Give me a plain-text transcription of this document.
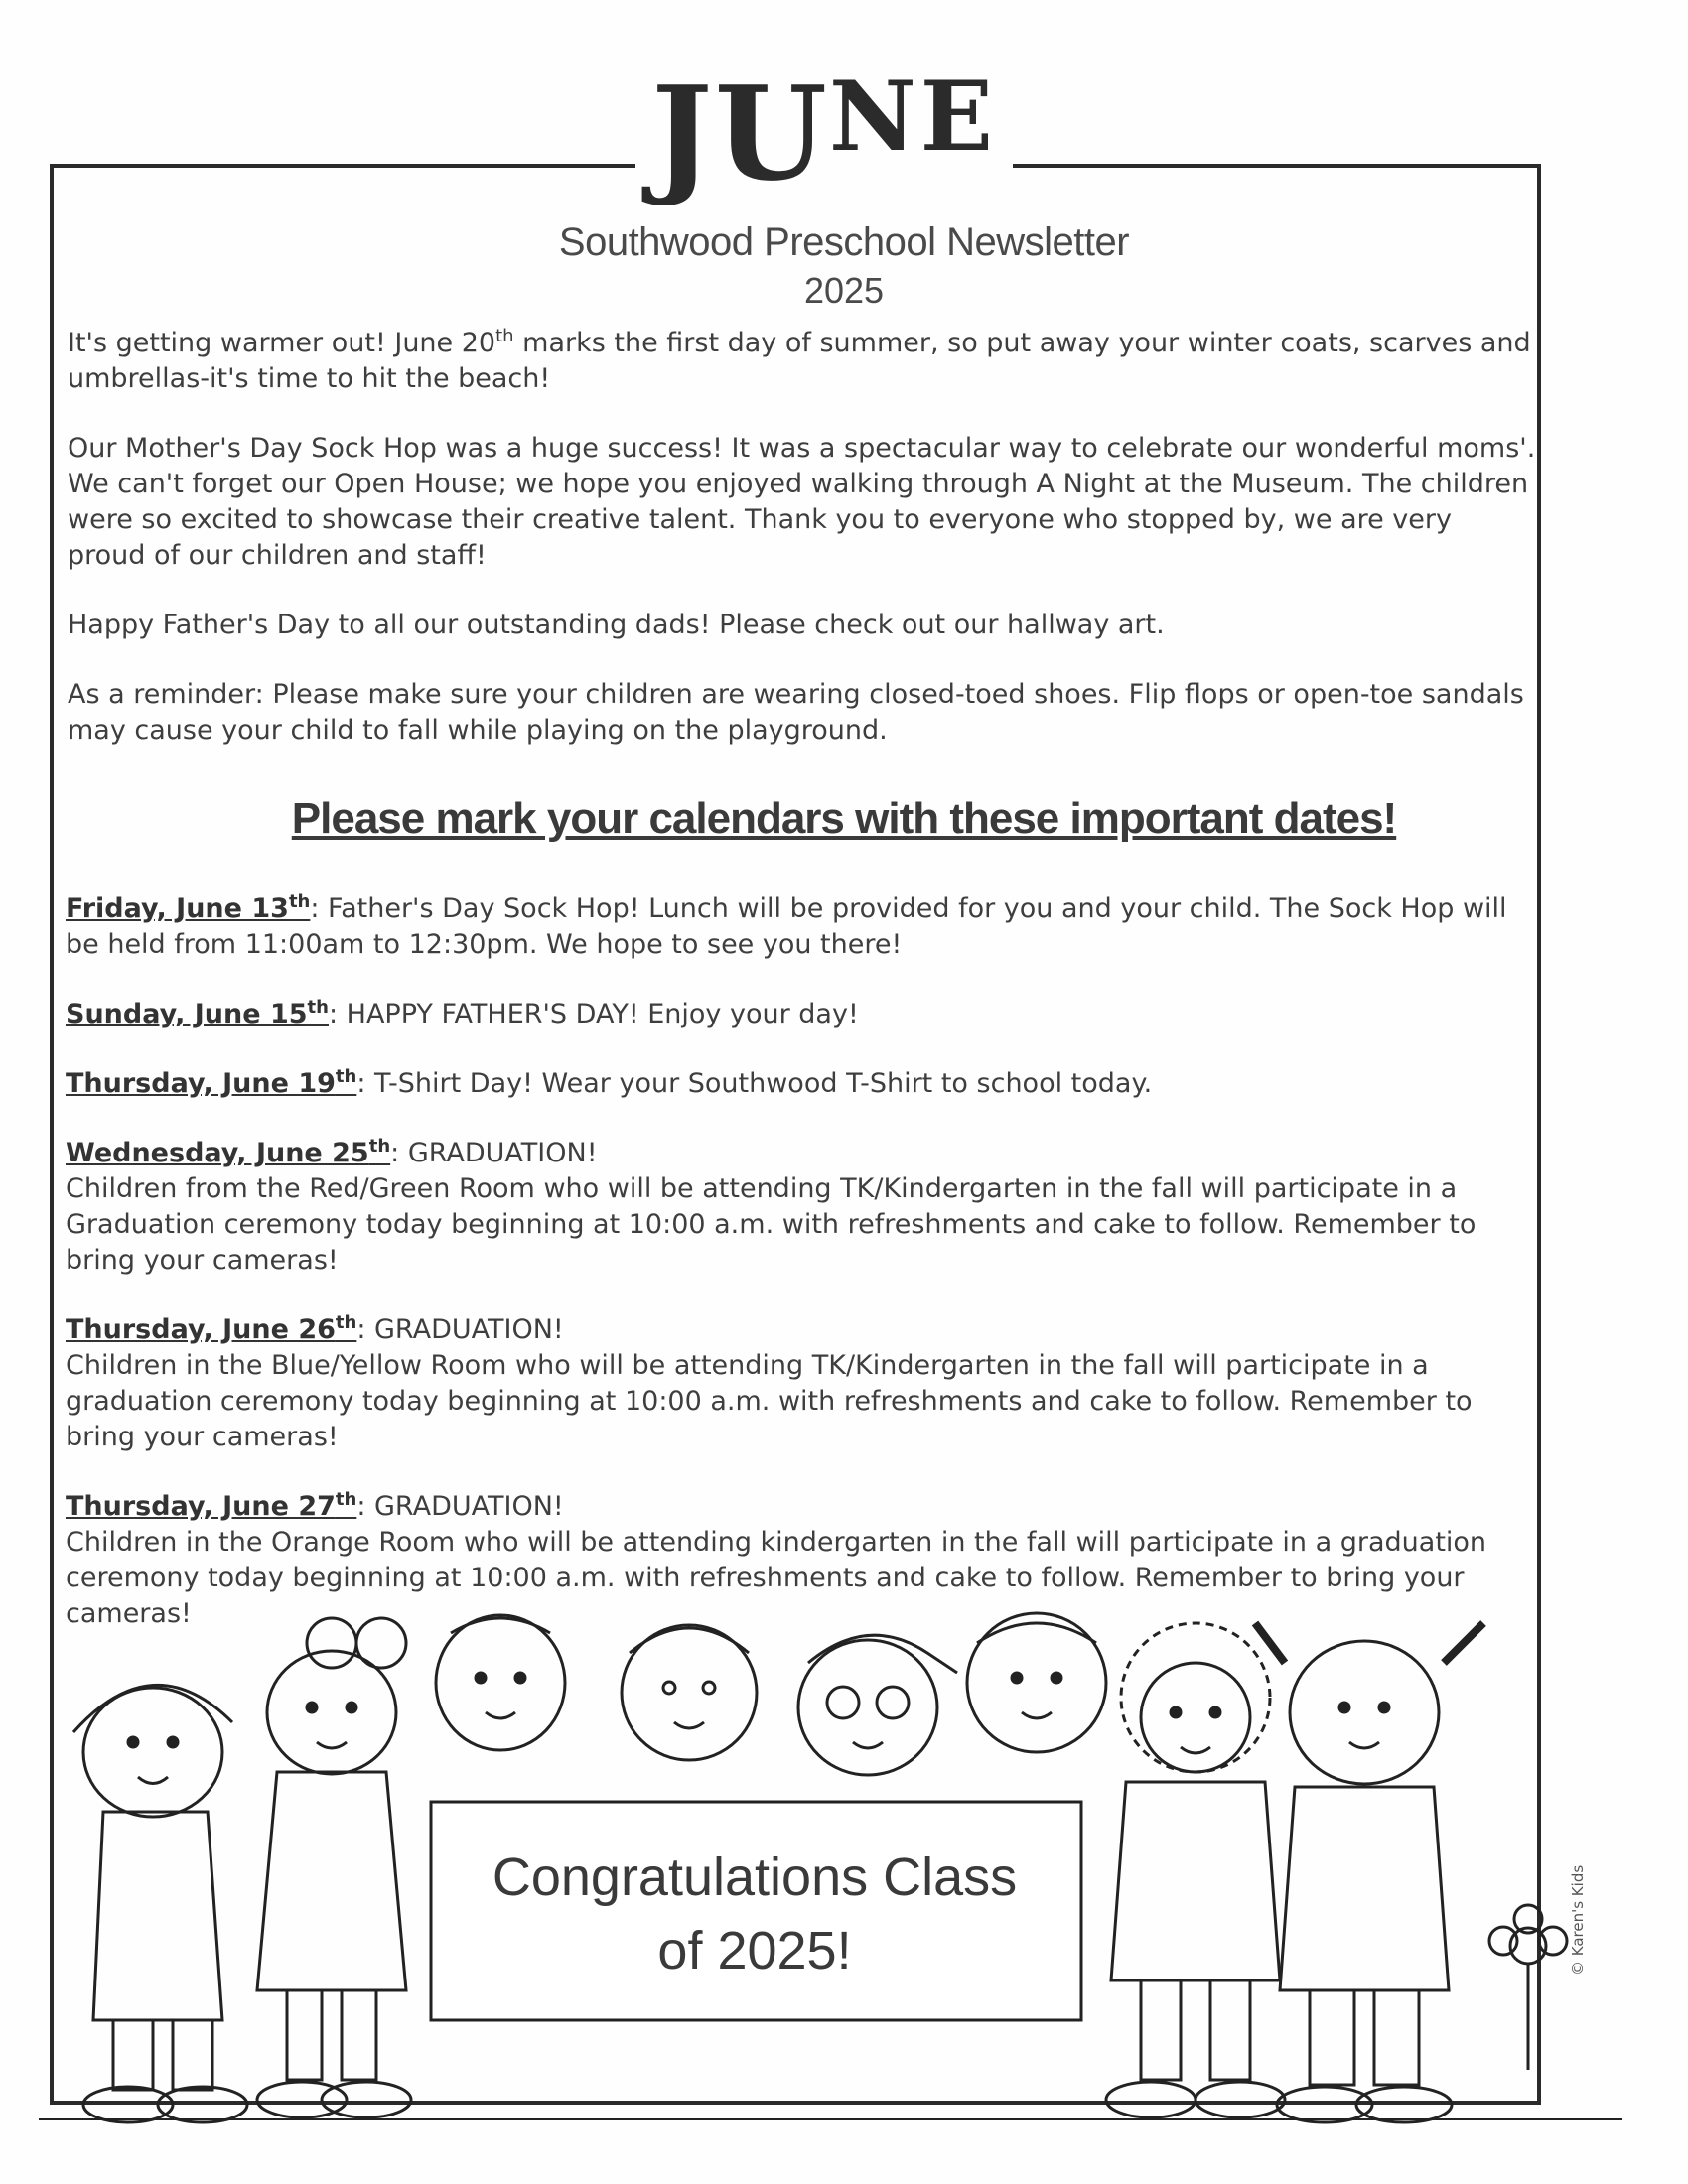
JUNE
Southwood Preschool Newsletter
2025

It's getting warmer out! June 20th marks the first day of summer, so put away your winter coats, scarves and umbrellas-it's time to hit the beach!

Our Mother's Day Sock Hop was a huge success! It was a spectacular way to celebrate our wonderful moms'. We can't forget our Open House; we hope you enjoyed walking through A Night at the Museum. The children were so excited to showcase their creative talent. Thank you to everyone who stopped by, we are very proud of our children and staff!

Happy Father's Day to all our outstanding dads! Please check out our hallway art.

As a reminder: Please make sure your children are wearing closed-toed shoes. Flip flops or open-toe sandals may cause your child to fall while playing on the playground.

Please mark your calendars with these important dates!
Friday, June 13th: Father's Day Sock Hop! Lunch will be provided for you and your child. The Sock Hop will be held from 11:00am to 12:30pm. We hope to see you there!
Sunday, June 15th: HAPPY FATHER'S DAY! Enjoy your day!
Thursday, June 19th: T-Shirt Day! Wear your Southwood T-Shirt to school today.
Wednesday, June 25th: GRADUATION!
Children from the Red/Green Room who will be attending TK/Kindergarten in the fall will participate in a Graduation ceremony today beginning at 10:00 a.m. with refreshments and cake to follow. Remember to bring your cameras!
Thursday, June 26th: GRADUATION!
Children in the Blue/Yellow Room who will be attending TK/Kindergarten in the fall will participate in a graduation ceremony today beginning at 10:00 a.m. with refreshments and cake to follow. Remember to bring your cameras!
Thursday, June 27th: GRADUATION!
Children in the Orange Room who will be attending kindergarten in the fall will participate in a graduation ceremony today beginning at 10:00 a.m. with refreshments and cake to follow. Remember to bring your cameras!
Congratulations Class
of 2025!	© Karen's Kids
